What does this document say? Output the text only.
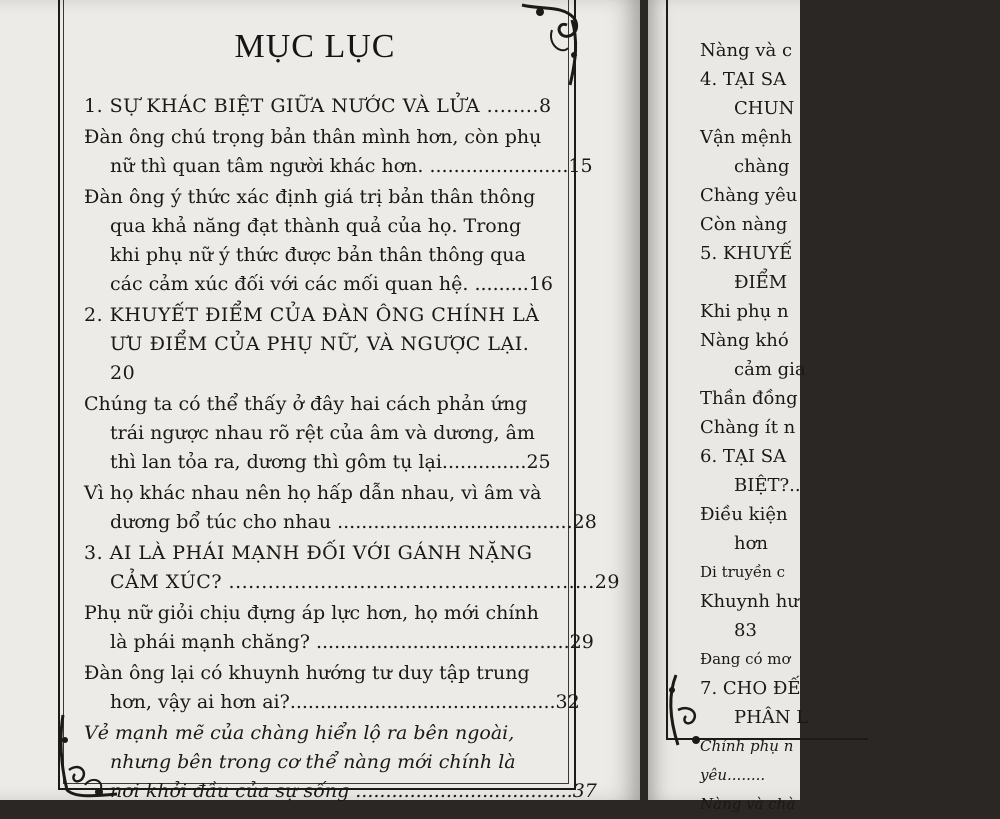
MỤC LỤC
1. SỰ KHÁC BIỆT GIỮA NƯỚC VÀ LỬA ........8
Đàn ông chú trọng bản thân mình hơn, còn phụ
nữ thì quan tâm người khác hơn. .......................15
Đàn ông ý thức xác định giá trị bản thân thông
qua khả năng đạt thành quả của họ. Trong
khi phụ nữ ý thức được bản thân thông qua
các cảm xúc đối với các mối quan hệ. .........16
2. KHUYẾT ĐIỂM CỦA ĐÀN ÔNG CHÍNH LÀ
ƯU ĐIỂM CỦA PHỤ NỮ, VÀ NGƯỢC LẠI.
20
Chúng ta có thể thấy ở đây hai cách phản ứng
trái ngược nhau rõ rệt của âm và dương, âm
thì lan tỏa ra, dương thì gôm tụ lại..............25
Vì họ khác nhau nên họ hấp dẫn nhau, vì âm và
dương bổ túc cho nhau .......................................28
3. AI LÀ PHÁI MẠNH ĐỐI VỚI GÁNH NẶNG
CẢM XÚC? ........................................................29
Phụ nữ giỏi chịu đựng áp lực hơn, họ mới chính
là phái mạnh chăng? ..........................................29
Đàn ông lại có khuynh hướng tư duy tập trung
hơn, vậy ai hơn ai?............................................32
Vẻ mạnh mẽ của chàng hiển lộ ra bên ngoài,
nhưng bên trong cơ thể nàng mới chính là
nơi khởi đầu của sự sống ....................................37
Nàng và c
4. TẠI SA
CHUN
Vận mệnh
chàng
Chàng yêu
Còn nàng
5. KHUYẾ
ĐIỂM
Khi phụ n
Nàng khó
cảm gia
Thần đồng
Chàng ít n
6. TẠI SA
BIỆT?..
Điều kiện
hơn
Di truyền c
Khuynh hư
83
Đang có mơ
7. CHO ĐẾ
PHÂN L
Chính phụ n
yêu........
Nàng và chà
